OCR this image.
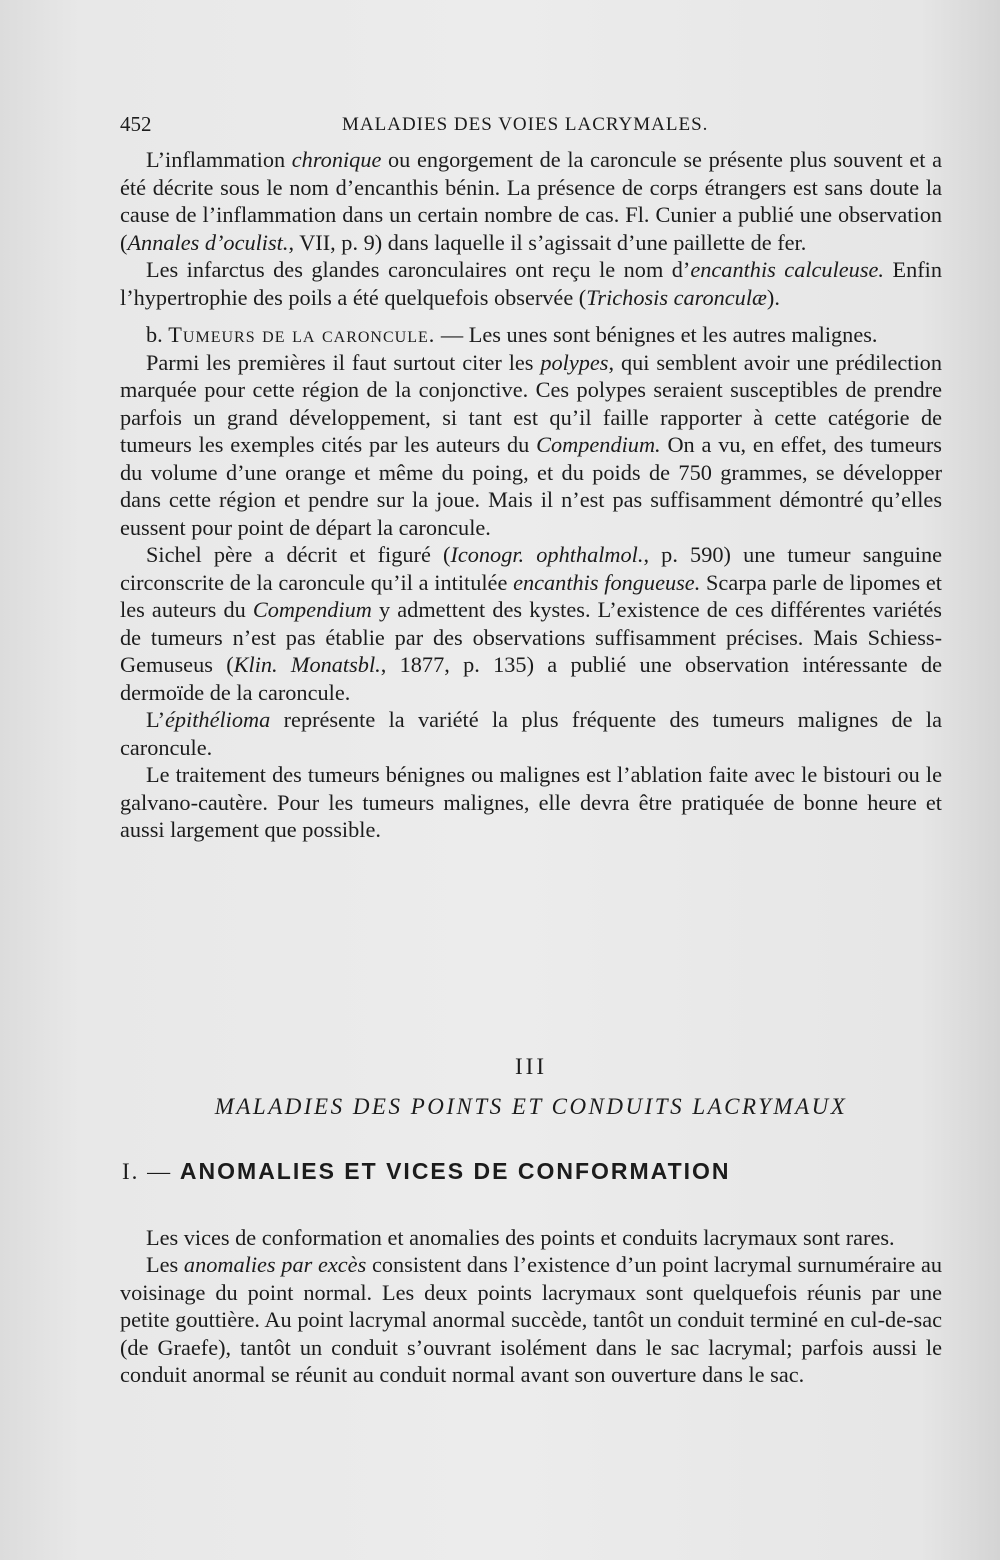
452	MALADIES DES VOIES LACRYMALES.

L’inflammation chronique ou engorgement de la caroncule se présente plus souvent et a été décrite sous le nom d’encanthis bénin. La présence de corps étrangers est sans doute la cause de l’inflammation dans un certain nombre de cas. Fl. Cunier a publié une observation (Annales d’oculist., VII, p. 9) dans laquelle il s’agissait d’une paillette de fer.

Les infarctus des glandes caronculaires ont reçu le nom d’encanthis calculeuse. Enfin l’hypertrophie des poils a été quelquefois observée (Trichosis caronculæ).

b. Tumeurs de la caroncule. — Les unes sont bénignes et les autres malignes.

Parmi les premières il faut surtout citer les polypes, qui semblent avoir une prédilection marquée pour cette région de la conjonctive. Ces polypes seraient susceptibles de prendre parfois un grand développement, si tant est qu’il faille rapporter à cette catégorie de tumeurs les exemples cités par les auteurs du Compendium. On a vu, en effet, des tumeurs du volume d’une orange et même du poing, et du poids de 750 grammes, se développer dans cette région et pendre sur la joue. Mais il n’est pas suffisamment démontré qu’elles eussent pour point de départ la caroncule.

Sichel père a décrit et figuré (Iconogr. ophthalmol., p. 590) une tumeur sanguine circonscrite de la caroncule qu’il a intitulée encanthis fongueuse. Scarpa parle de lipomes et les auteurs du Compendium y admettent des kystes. L’existence de ces différentes variétés de tumeurs n’est pas établie par des observations suffisamment précises. Mais Schiess-Gemuseus (Klin. Monatsbl., 1877, p. 135) a publié une observation intéressante de dermoïde de la caroncule.

L’épithélioma représente la variété la plus fréquente des tumeurs malignes de la caroncule.

Le traitement des tumeurs bénignes ou malignes est l’ablation faite avec le bistouri ou le galvano-cautère. Pour les tumeurs malignes, elle devra être pratiquée de bonne heure et aussi largement que possible.

III
MALADIES DES POINTS ET CONDUITS LACRYMAUX
I. — ANOMALIES ET VICES DE CONFORMATION

Les vices de conformation et anomalies des points et conduits lacrymaux sont rares.

Les anomalies par excès consistent dans l’existence d’un point lacrymal surnuméraire au voisinage du point normal. Les deux points lacrymaux sont quelquefois réunis par une petite gouttière. Au point lacrymal anormal succède, tantôt un conduit terminé en cul-de-sac (de Graefe), tantôt un conduit s’ouvrant isolément dans le sac lacrymal; parfois aussi le conduit anormal se réunit au conduit normal avant son ouverture dans le sac.
